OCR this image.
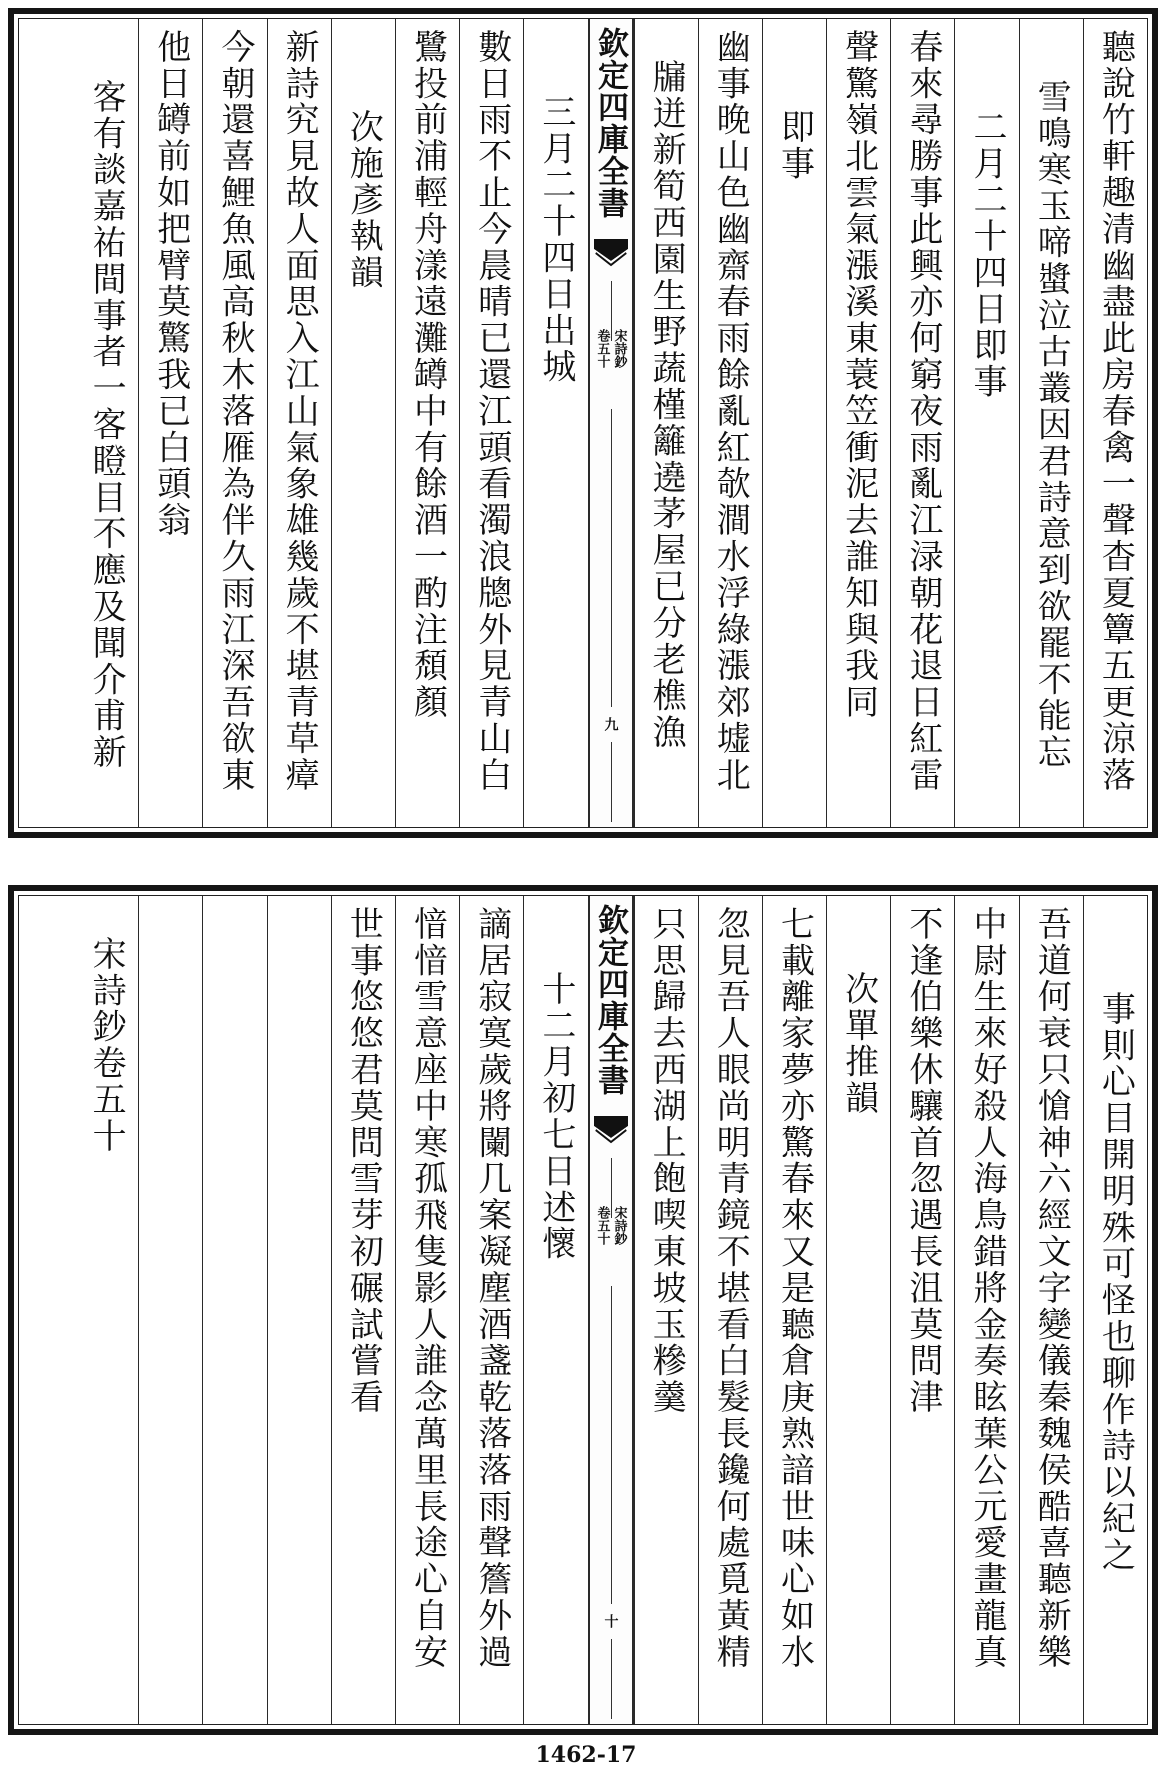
聽說竹軒趣清幽盡此房春禽一聲杳夏簟五更涼落
雪鳴寒玉啼螿泣古叢因君詩意到欲罷不能忘
二月二十四日即事
春來尋勝事此興亦何窮夜雨亂江渌朝花退日紅雷
聲驚嶺北雲氣漲溪東蓑笠衝泥去誰知與我同
即事
幽事晚山色幽齋春雨餘亂紅欹澗水浮綠漲郊墟北
牖迸新筍西園生野蔬槿籬遶茅屋已分老樵漁
欽定四庫全書
宋詩鈔
卷五十
九
三月二十四日出城
數日雨不止今晨晴已還江頭看濁浪牕外見青山白
鷺投前浦輕舟漾遠灘罇中有餘酒一酌注頹顏
次施彥執韻
新詩究見故人面思入江山氣象雄幾歲不堪青草瘴
今朝還喜鯉魚風高秋木落雁為伴久雨江深吾欲東
他日罇前如把臂莫驚我已白頭翁
客有談嘉祐間事者一客瞪目不應及聞介甫新
事則心目開明殊可怪也聊作詩以紀之
吾道何衰只愴神六經文字變儀秦魏侯酷喜聽新樂
中尉生來好殺人海鳥錯將金奏眩葉公元愛畫龍真
不逢伯樂休驤首忽遇長沮莫問津
次單推韻
七載離家夢亦驚春來又是聽倉庚熟諳世味心如水
忽見吾人眼尚明青鏡不堪看白髮長鑱何處覓黃精
只思歸去西湖上飽喫東坡玉糝羹
欽定四庫全書
宋詩鈔
卷五十
十
十二月初七日述懷
謫居寂寞歲將闌几案凝塵酒盞乾落落雨聲簷外過
愔愔雪意座中寒孤飛隻影人誰念萬里長途心自安
世事悠悠君莫問雪芽初碾試嘗看
宋詩鈔卷五十
1462-17
